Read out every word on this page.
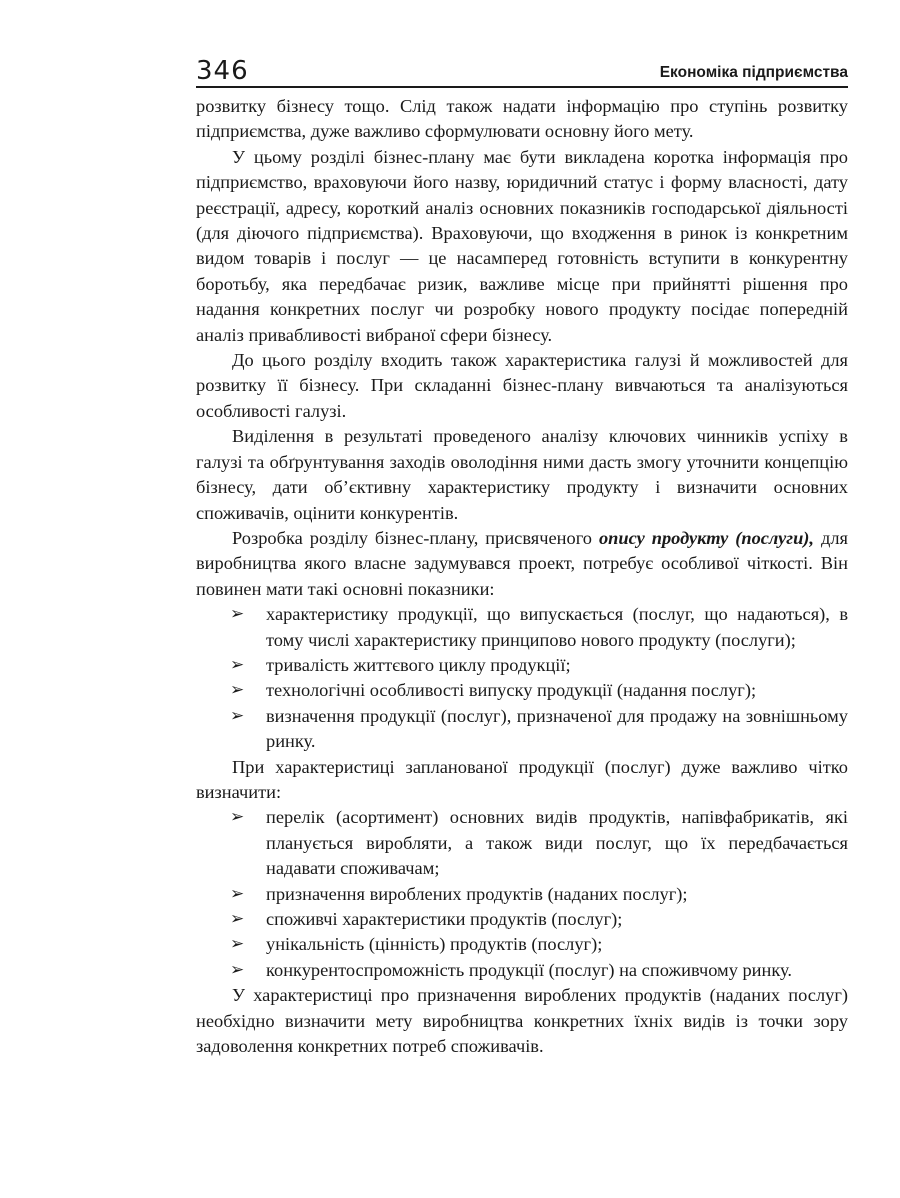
346	Економіка підприємства

розвитку бізнесу тощо. Слід також надати інформацію про ступінь розвитку підприємства, дуже важливо сформулювати основну його мету.

У цьому розділі бізнес-плану має бути викладена коротка інформація про підприємство, враховуючи його назву, юридичний статус і форму власності, дату реєстрації, адресу, короткий аналіз основних показників господарської діяльності (для діючого підприємства). Враховуючи, що входження в ринок із конкретним видом товарів і послуг — це насамперед готовність вступити в конкурентну боротьбу, яка передбачає ризик, важливе місце при прийнятті рішення про надання конкретних послуг чи розробку нового продукту посідає попередній аналіз привабливості вибраної сфери бізнесу.

До цього розділу входить також характеристика галузі й можливостей для розвитку її бізнесу. При складанні бізнес-плану вивчаються та аналізуються особливості галузі.

Виділення в результаті проведеного аналізу ключових чинників успіху в галузі та обґрунтування заходів оволодіння ними дасть змогу уточнити концепцію бізнесу, дати об’єктивну характеристику продукту і визначити основних споживачів, оцінити конкурентів.

Розробка розділу бізнес-плану, присвяченого опису продукту (послуги), для виробництва якого власне задумувався проект, потребує особливої чіткості. Він повинен мати такі основні показники:

➢ характеристику продукції, що випускається (послуг, що надаються), в тому числі характеристику принципово нового продукту (послуги);
➢ тривалість життєвого циклу продукції;
➢ технологічні особливості випуску продукції (надання послуг);
➢ визначення продукції (послуг), призначеної для продажу на зовнішньому ринку.

При характеристиці запланованої продукції (послуг) дуже важливо чітко визначити:

➢ перелік (асортимент) основних видів продуктів, напівфабрикатів, які планується виробляти, а також види послуг, що їх передбачається надавати споживачам;
➢ призначення вироблених продуктів (наданих послуг);
➢ споживчі характеристики продуктів (послуг);
➢ унікальність (цінність) продуктів (послуг);
➢ конкурентоспроможність продукції (послуг) на споживчому ринку.

У характеристиці про призначення вироблених продуктів (наданих послуг) необхідно визначити мету виробництва конкретних їхніх видів із точки зору задоволення конкретних потреб споживачів.
